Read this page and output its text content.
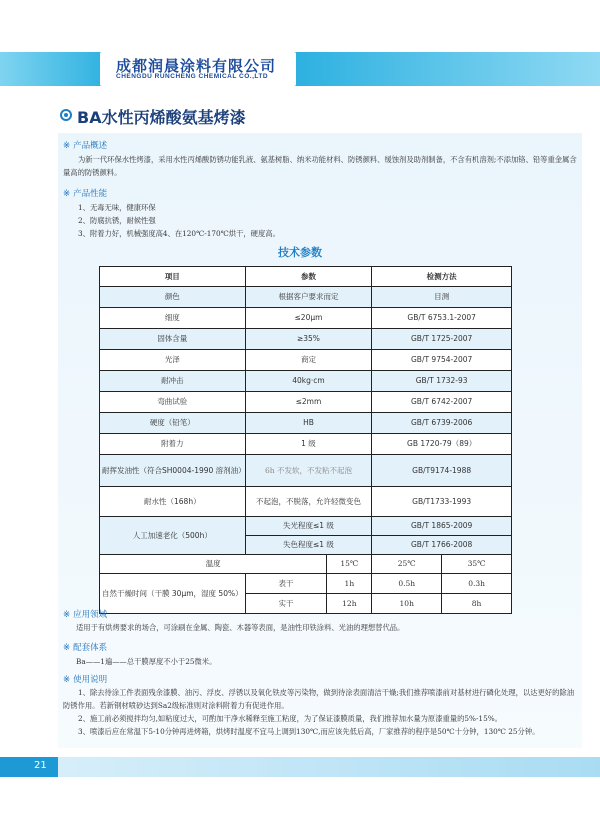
成都润晨涂料有限公司
CHENGDU RUNCHENG CHEMICAL CO.,LTD
BA水性丙烯酸氨基烤漆
※ 产品概述
为新一代环保水性烤漆，采用水性丙烯酸防锈功能乳液、氨基树脂、纳米功能材料、防锈颜料、缓蚀剂及助剂制备，不含有机溶剂;不添加铬、铅等重金属含量高的防锈颜料。
※ 产品性能
1、无毒无味，健康环保
2、防腐抗锈，耐候性强
3、附着力好，机械强度高4、在120℃-170℃烘干，硬度高。
技术参数
项目	参数		检测方法	
颜色	根据客户要求而定		目测	
细度	≤20μm		GB/T 6753.1-2007	
固体含量	≥35%		GB/T 1725-2007	
光泽	商定		GB/T 9754-2007	
耐冲击	40kg·cm		GB/T 1732-93	
弯曲试验	≤2mm		GB/T 6742-2007	
硬度（铅笔）	HB		GB/T 6739-2006	
附着力	1 级		GB 1720-79（89）	
耐挥发油性（符合SH0004-1990 溶剂油）	6h 不发软，不发粘不起泡		GB/T9174-1988	
耐水性（168h）	不起泡，不脱落，允许轻微变色		GB/T1733-1993	
人工加速老化（500h）	失光程度≤1 级		GB/T 1865-2009	
	失色程度≤1 级		GB/T 1766-2008	
温度		15℃	25℃	35℃
自然干燥时间（干膜 30μm，湿度 50%）	表干	1h	0.5h	0.3h
	实干	12h	10h	8h
※ 应用领域
适用于有烘烤要求的场合，可涂刷在金属、陶瓷、木器等表面，是油性印铁涂料、光油的理想替代品。
※ 配套体系
Ba——1遍——总干膜厚度不小于25微米。
※ 使用说明
1、除去待涂工件表面残余漆膜、油污、浮皮、浮锈以及氧化铁皮等污染物，做到待涂表面清洁干燥;我们推荐喷漆前对基材进行磷化处理，以达更好的除油防锈作用。若新钢材喷砂达到Sa2级标准则对涂料附着力有促进作用。
2、施工前必须搅拌均匀,如粘度过大，可酌加干净水稀释至施工粘度，为了保证漆膜质量，我们推荐加水量为原漆重量的5%-15%。
3、喷漆后应在常温下5-10分钟再进烤箱，烘烤时温度不宜马上调到130℃,而应该先低后高，厂家推荐的程序是50℃十分钟，130℃ 25分钟。
21
